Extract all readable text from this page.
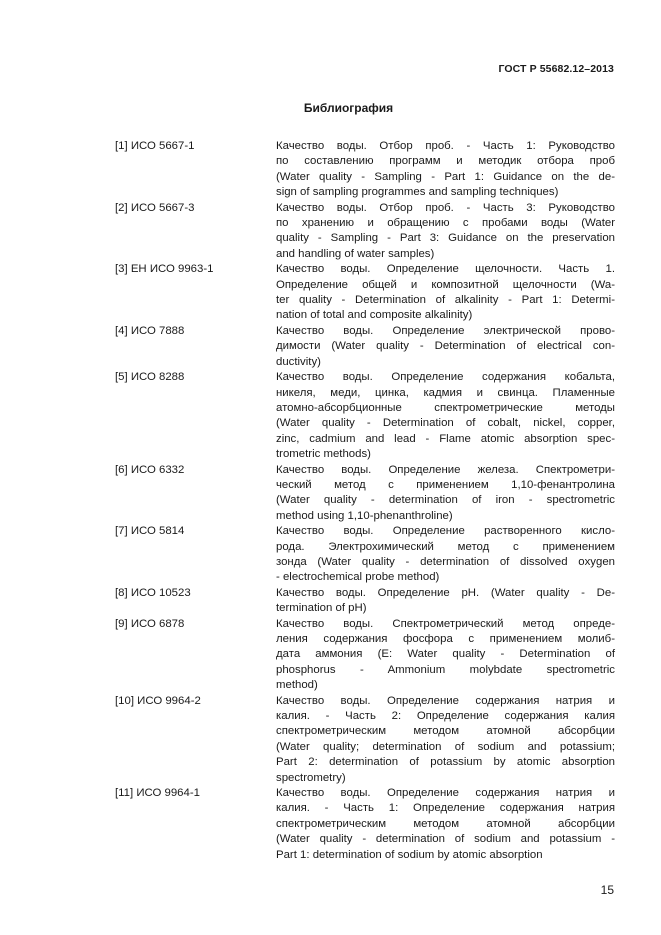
ГОСТ Р 55682.12–2013
Библиография
[1] ИСО 5667-1	Качество воды. Отбор проб. - Часть 1: Руководство
по составлению программ и методик отбора проб
(Water quality - Sampling - Part 1: Guidance on the de-
sign of sampling programmes and sampling techniques)
[2] ИСО 5667-3	Качество воды. Отбор проб. - Часть 3: Руководство
по хранению и обращению с пробами воды (Water
quality - Sampling - Part 3: Guidance on the preservation
and handling of water samples)
[3] ЕН ИСО 9963-1	Качество воды. Определение щелочности. Часть 1.
Определение общей и композитной щелочности (Wa-
ter quality - Determination of alkalinity - Part 1: Determi-
nation of total and composite alkalinity)
[4] ИСО 7888	Качество воды. Определение электрической прово-
димости (Water quality - Determination of electrical con-
ductivity)
[5] ИСО 8288	Качество воды. Определение содержания кобальта,
никеля, меди, цинка, кадмия и свинца. Пламенные
атомно-абсорбционные спектрометрические методы
(Water quality - Determination of cobalt, nickel, copper,
zinc, cadmium and lead - Flame atomic absorption spec-
trometric methods)
[6] ИСО 6332	Качество воды. Определение железа. Спектрометри-
ческий метод с применением 1,10-фенантролина
(Water quality - determination of iron - spectrometric
method using 1,10-phenanthroline)
[7] ИСО 5814	Качество воды. Определение растворенного кисло-
рода. Электрохимический метод с применением
зонда (Water quality - determination of dissolved oxygen
- electrochemical probe method)
[8] ИСО 10523	Качество воды. Определение pH. (Water quality - De-
termination of pH)
[9] ИСО 6878	Качество воды. Спектрометрический метод опреде-
ления содержания фосфора с применением молиб-
дата аммония (E: Water quality - Determination of
phosphorus - Ammonium molybdate spectrometric
method)
[10] ИСО 9964-2	Качество воды. Определение содержания натрия и
калия. - Часть 2: Определение содержания калия
спектрометрическим методом атомной абсорбции
(Water quality; determination of sodium and potassium;
Part 2: determination of potassium by atomic absorption
spectrometry)
[11] ИСО 9964-1	Качество воды. Определение содержания натрия и
калия. - Часть 1: Определение содержания натрия
спектрометрическим методом атомной абсорбции
(Water quality - determination of sodium and potassium -
Part 1: determination of sodium by atomic absorption
15
